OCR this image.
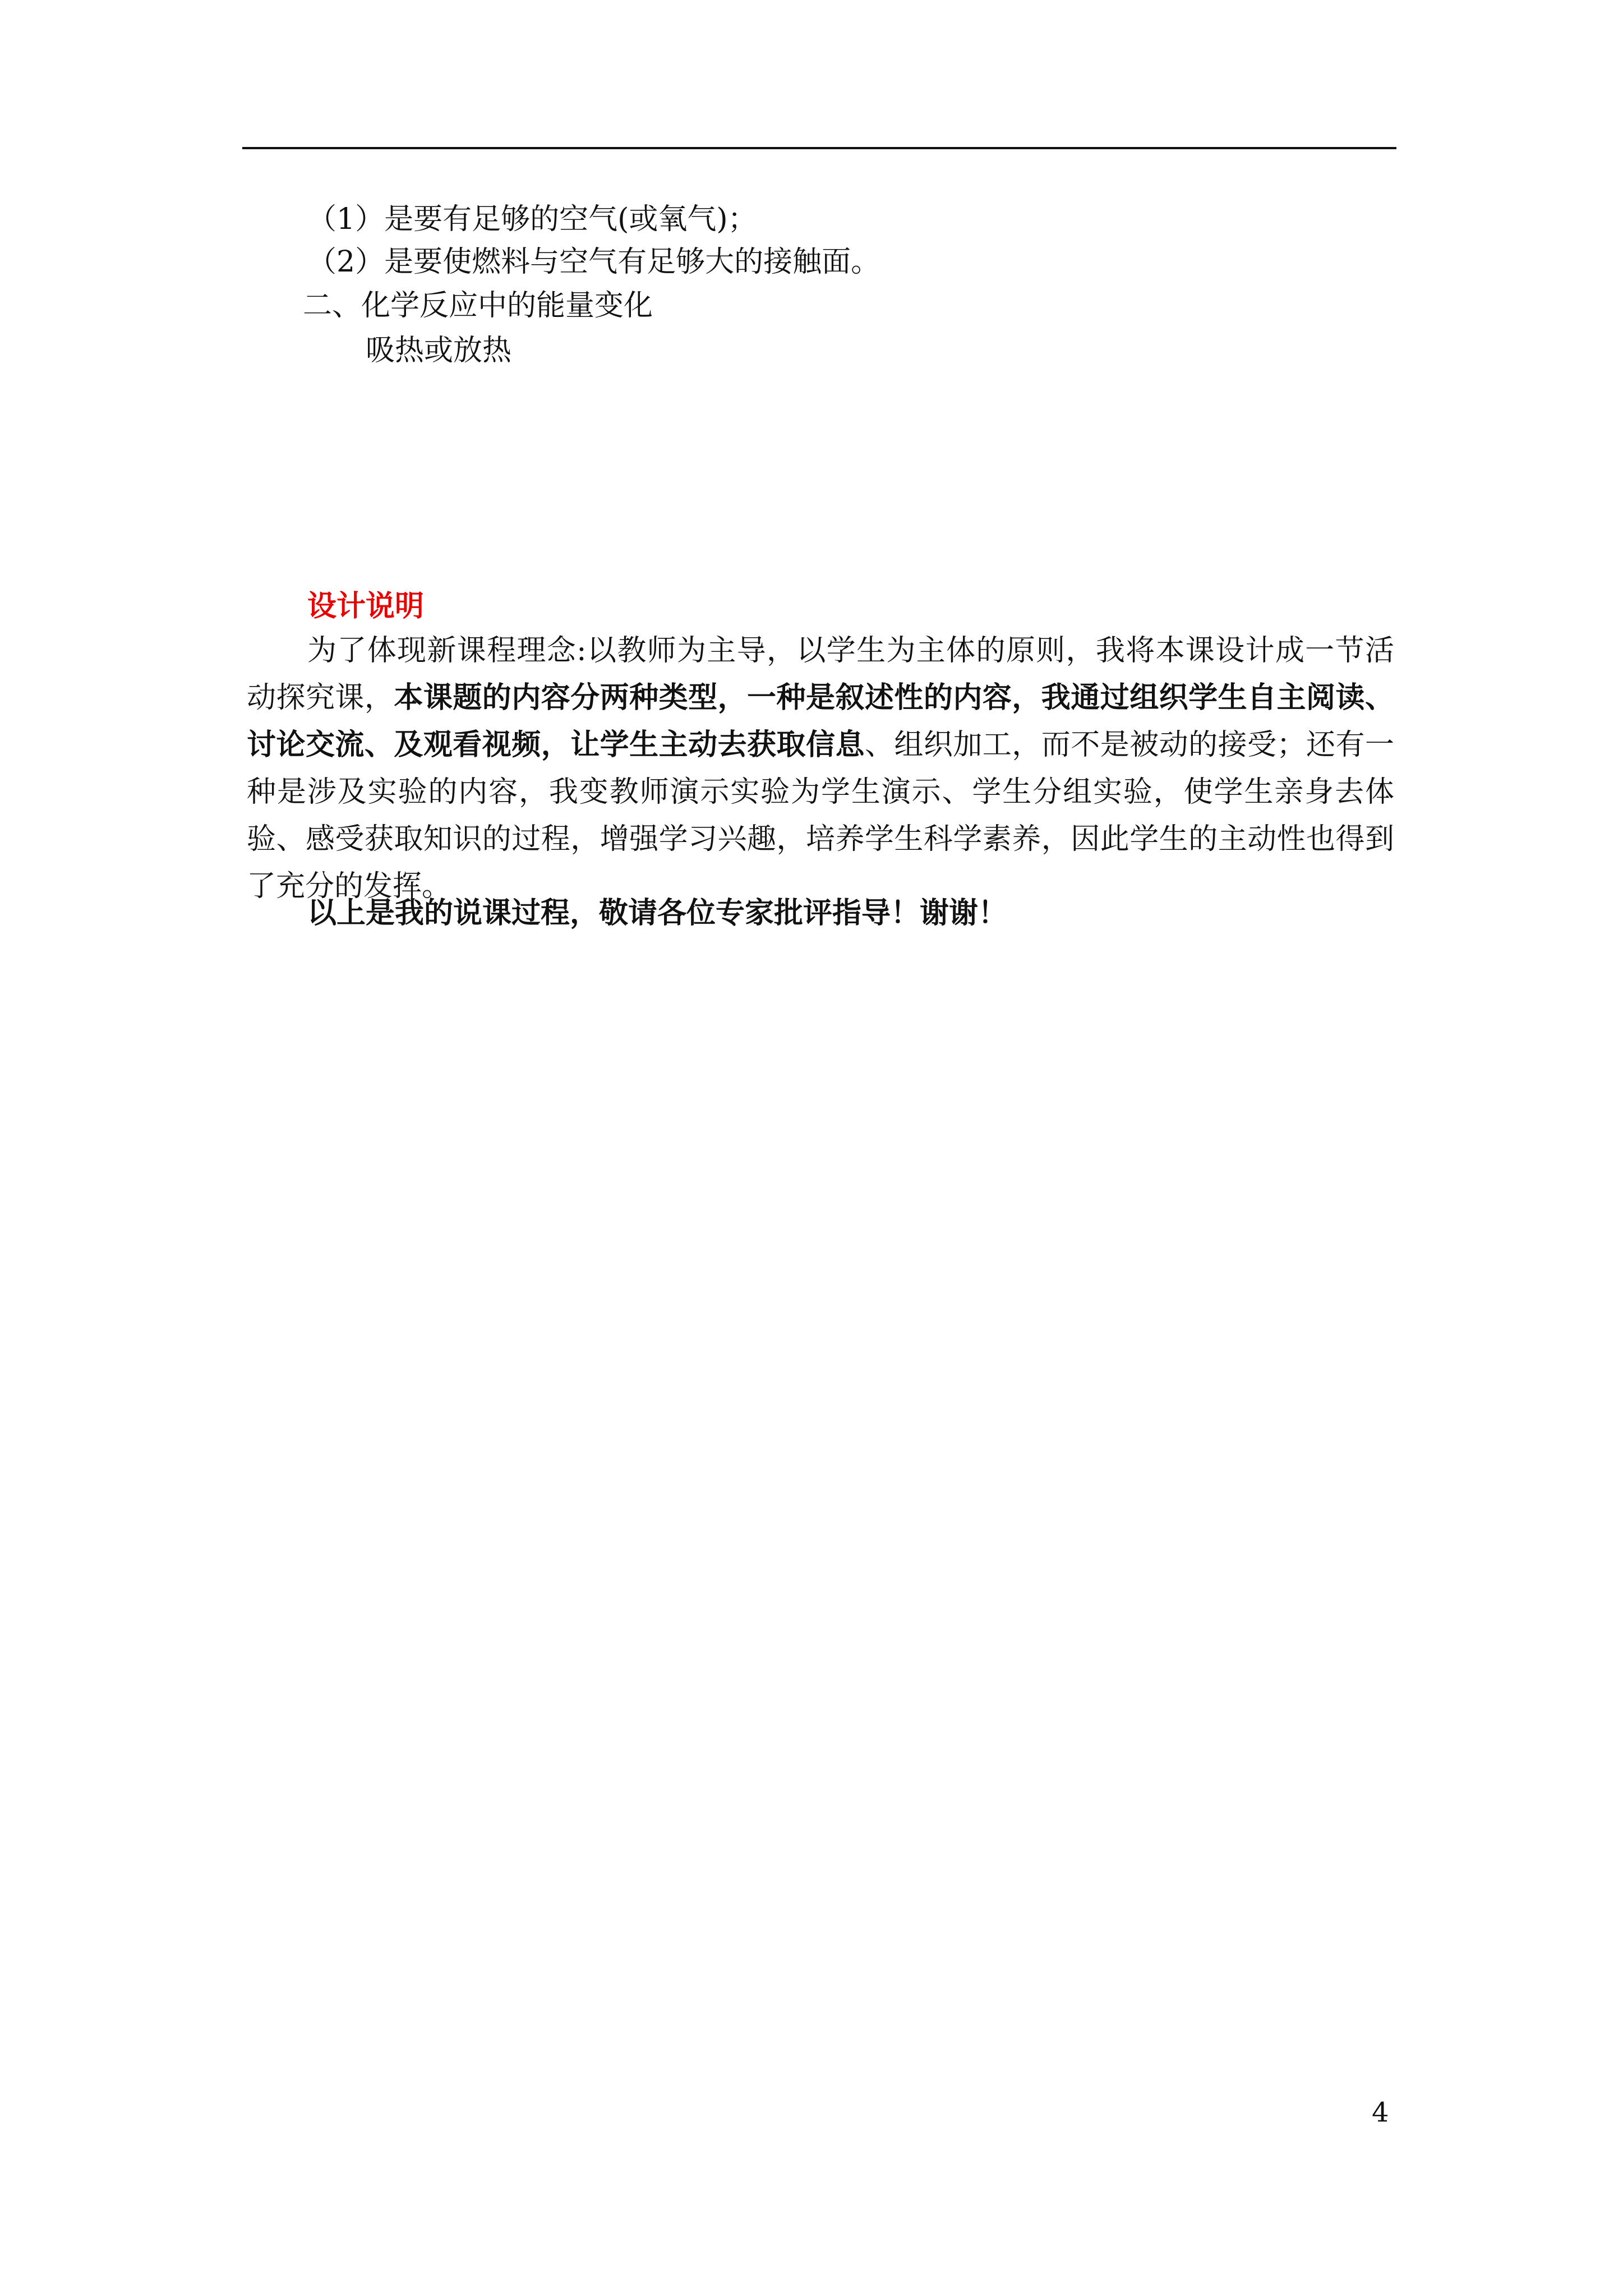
（1）是要有足够的空气(或氧气)；
（2）是要使燃料与空气有足够大的接触面。
二、化学反应中的能量变化
吸热或放热
设计说明
为了体现新课程理念:以教师为主导，以学生为主体的原则，我将本课设计成一节活动探究课，本课题的内容分两种类型，一种是叙述性的内容，我通过组织学生自主阅读、讨论交流、及观看视频，让学生主动去获取信息、组织加工，而不是被动的接受；还有一种是涉及实验的内容，我变教师演示实验为学生演示、学生分组实验，使学生亲身去体验、感受获取知识的过程，增强学习兴趣，培养学生科学素养，因此学生的主动性也得到了充分的发挥。
以上是我的说课过程，敬请各位专家批评指导！谢谢！
4
